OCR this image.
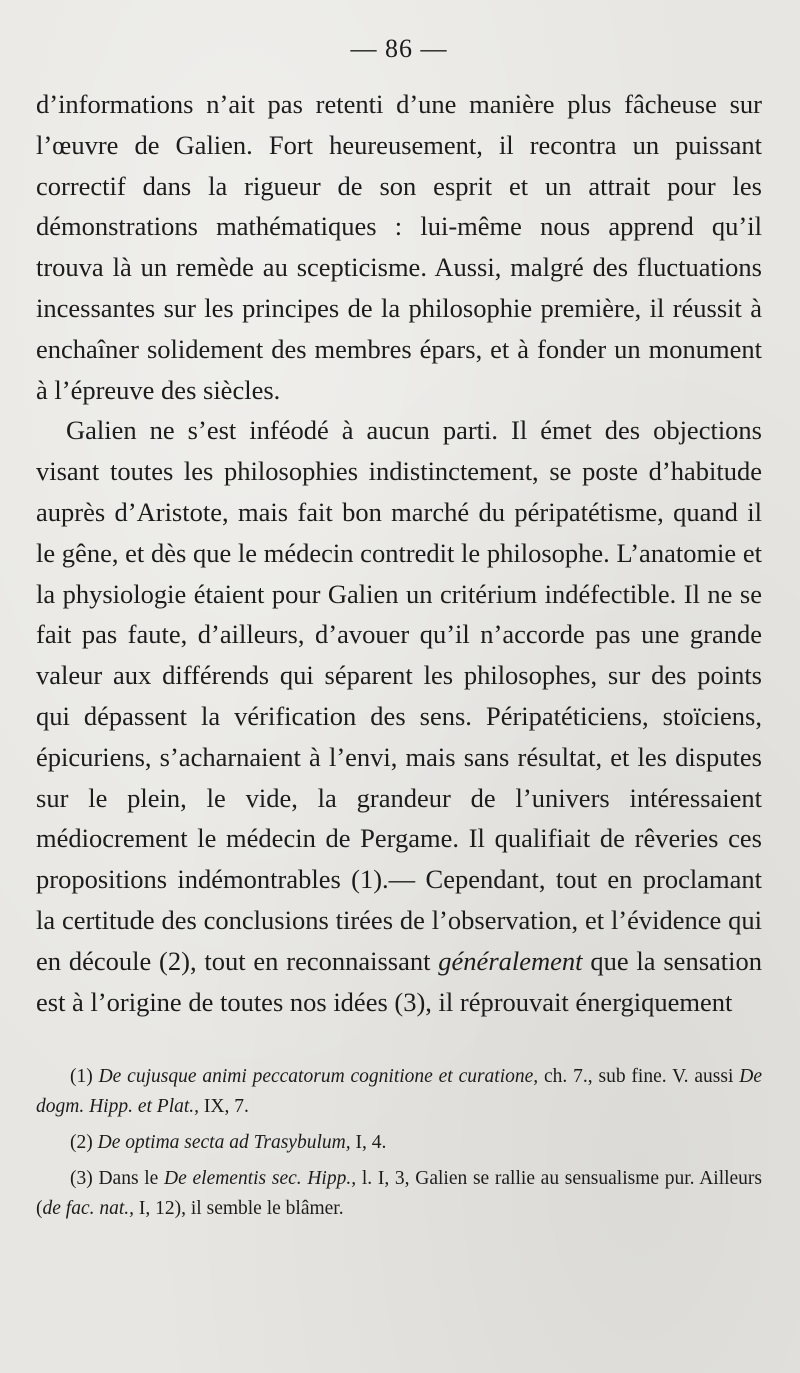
— 86 —

d’informations n’ait pas retenti d’une manière plus fâcheuse sur l’œuvre de Galien. Fort heureusement, il recontra un puissant correctif dans la rigueur de son esprit et un attrait pour les démonstrations mathématiques : lui-même nous apprend qu’il trouva là un remède au scepticisme. Aussi, malgré des fluctuations incessantes sur les principes de la philosophie première, il réussit à enchaîner solidement des membres épars, et à fonder un monument à l’épreuve des siècles.

Galien ne s’est inféodé à aucun parti. Il émet des objections visant toutes les philosophies indistinctement, se poste d’habitude auprès d’Aristote, mais fait bon marché du péripatétisme, quand il le gêne, et dès que le médecin contredit le philosophe. L’anatomie et la physiologie étaient pour Galien un critérium indéfectible. Il ne se fait pas faute, d’ailleurs, d’avouer qu’il n’accorde pas une grande valeur aux différends qui séparent les philosophes, sur des points qui dépassent la vérification des sens. Péripatéticiens, stoïciens, épicuriens, s’acharnaient à l’envi, mais sans résultat, et les disputes sur le plein, le vide, la grandeur de l’univers intéressaient médiocrement le médecin de Pergame. Il qualifiait de rêveries ces propositions indémontrables (1).— Cependant, tout en proclamant la certitude des conclusions tirées de l’observation, et l’évidence qui en découle (2), tout en reconnaissant généralement que la sensation est à l’origine de toutes nos idées (3), il réprouvait énergiquement

(1) De cujusque animi peccatorum cognitione et curatione, ch. 7., sub fine. V. aussi De dogm. Hipp. et Plat., IX, 7.

(2) De optima secta ad Trasybulum, I, 4.

(3) Dans le De elementis sec. Hipp., l. I, 3, Galien se rallie au sensualisme pur. Ailleurs (de fac. nat., I, 12), il semble le blâmer.
